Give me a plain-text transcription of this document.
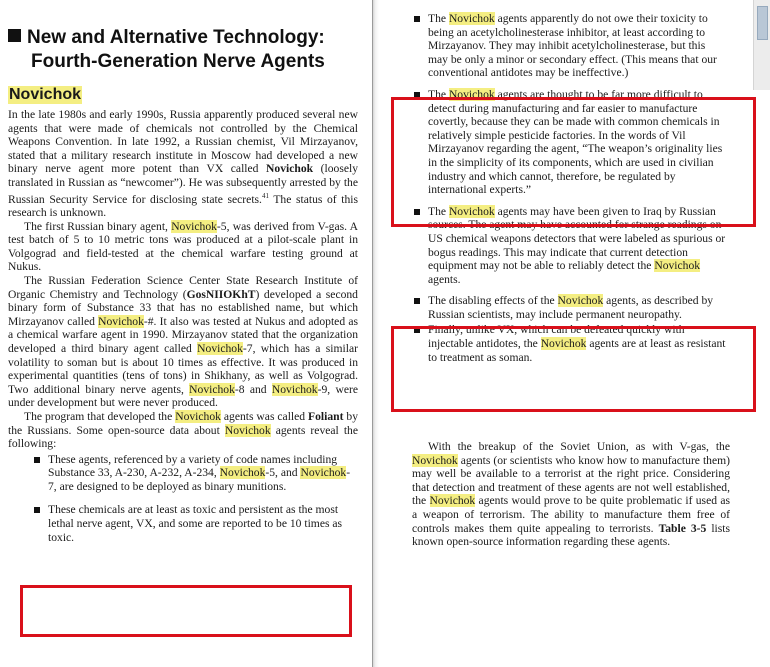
New and Alternative Technology:
Fourth-Generation Nerve Agents
Novichok

In the late 1980s and early 1990s, Russia apparently produced several new agents that were made of chemicals not controlled by the Chemical Weapons Convention. In late 1992, a Russian chemist, Vil Mirzayanov, stated that a military research institute in Moscow had developed a new binary nerve agent more potent than VX called Novichok (loosely translated in Russian as “newcomer”). He was subsequently arrested by the Russian Security Service for disclosing state secrets.$^{41}$ The status of this research is unknown.

The first Russian binary agent, Novichok-5, was derived from V-gas. A test batch of 5 to 10 metric tons was produced at a pilot-scale plant in Volgograd and field-tested at the chemical warfare testing ground at Nukus.

The Russian Federation Science Center State Research Institute of Organic Chemistry and Technology (GosNIIOKhT) developed a second binary form of Substance 33 that has no established name, but which Mirzayanov called Novichok-#. It also was tested at Nukus and adopted as a chemical warfare agent in 1990. Mirzayanov stated that the organization developed a third binary agent called Novichok-7, which has a similar volatility to soman but is about 10 times as effective. It was produced in experimental quantities (tens of tons) in Shikhany, as well as Volgograd. Two additional binary nerve agents, Novichok-8 and Novichok-9, were under development but were never produced.

The program that developed the Novichok agents was called Foliant by the Russians. Some open-source data about Novichok agents reveal the following:

These agents, referenced by a variety of code names including Substance 33, A-230, A-232, A-234, Novichok-5, and Novichok-7, are designed to be deployed as binary munitions.
These chemicals are at least as toxic and persistent as the most lethal nerve agent, VX, and some are reported to be 10 times as toxic.
The Novichok agents apparently do not owe their toxicity to being an acetylcholinesterase inhibitor, at least according to Mirzayanov. They may inhibit acetylcholinesterase, but this may be only a minor or secondary effect. (This means that our conventional antidotes may be ineffective.)
The Novichok agents are thought to be far more difficult to detect during manufacturing and far easier to manufacture covertly, because they can be made with common chemicals in relatively simple pesticide factories. In the words of Vil Mirzayanov regarding the agent, “The weapon’s originality lies in the simplicity of its components, which are used in civilian industry and which cannot, therefore, be regulated by international experts.”
The Novichok agents may have been given to Iraq by Russian sources. The agent may have accounted for strange readings on US chemical weapons detectors that were labeled as spurious or bogus readings. This may indicate that current detection equipment may not be able to reliably detect the Novichok agents.
The disabling effects of the Novichok agents, as described by Russian scientists, may include permanent neuropathy.
Finally, unlike VX, which can be defeated quickly with injectable antidotes, the Novichok agents are at least as resistant to treatment as soman.

With the breakup of the Soviet Union, as with V-gas, the Novichok agents (or scientists who know how to manufacture them) may well be available to a terrorist at the right price. Considering that detection and treatment of these agents are not well established, the Novichok agents would prove to be quite problematic if used as a weapon of terrorism. The ability to manufacture them free of controls makes them quite appealing to terrorists. Table 3-5 lists known open-source information regarding these agents.
